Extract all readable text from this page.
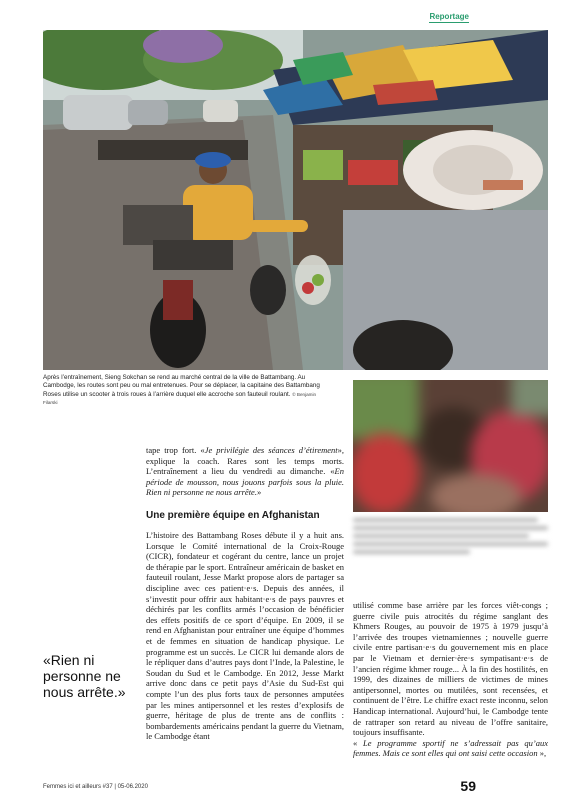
Reportage
Après l’entraînement, Sieng Sokchan se rend au marché central de la ville de Battambang. Au Cambodge, les routes sont peu ou mal entretenues. Pour se déplacer, la capitaine des Battambang Roses utilise un scooter à trois roues à l’arrière duquel elle accroche son fauteuil roulant. © Benjamin Filarski

tape trop fort. «Je privilégie des séances d’étirement», explique la coach. Rares sont les temps morts. L’entraînement a lieu du vendredi au dimanche. «En période de mousson, nous jouons parfois sous la pluie. Rien ni personne ne nous arrête.»

Une première équipe en Afghanistan

L’histoire des Battambang Roses débute il y a huit ans. Lorsque le Comité international de la Croix-Rouge (CICR), fondateur et cogérant du centre, lance un projet de thérapie par le sport. Entraîneur américain de basket en fauteuil roulant, Jesse Markt propose alors de partager sa discipline avec ces patient·e·s. Depuis des années, il s’investit pour offrir aux habitant·e·s de pays pauvres et déchirés par les conflits armés l’occasion de bénéficier des effets positifs de ce sport d’équipe. En 2009, il se rend en Afghanistan pour entraîner une équipe d’hommes et de femmes en situation de handicap physique. Le programme est un succès. Le CICR lui demande alors de le répliquer dans d’autres pays dont l’Inde, la Palestine, le Soudan du Sud et le Cambodge. En 2012, Jesse Markt arrive donc dans ce petit pays d’Asie du Sud-Est qui compte l’un des plus forts taux de personnes amputées par les mines antipersonnel et les restes d’explosifs de guerre, héritage de plus de trente ans de conflits : bombardements américains pendant la guerre du Vietnam, le Cambodge étant

«Rien ni personne ne nous arrête.»

utilisé comme base arrière par les forces viêt-congs ; guerre civile puis atrocités du régime sanglant des Khmers Rouges, au pouvoir de 1975 à 1979 jusqu’à l’arrivée des troupes vietnamiennes ; nouvelle guerre civile entre partisan·e·s du gouvernement mis en place par le Vietnam et dernier·ère·s sympatisant·e·s de l’ancien régime khmer rouge... À la fin des hostilités, en 1999, des dizaines de milliers de victimes de mines antipersonnel, mortes ou mutilées, sont recensées, et continuent de l’être. Le chiffre exact reste inconnu, selon Handicap international. Aujourd’hui, le Cambodge tente de rattraper son retard au niveau de l’offre sanitaire, toujours insuffisante.

« Le programme sportif ne s’adressait pas qu’aux femmes. Mais ce sont elles qui ont saisi cette occasion »,

Femmes ici et ailleurs #37 | 05-06.2020	59
